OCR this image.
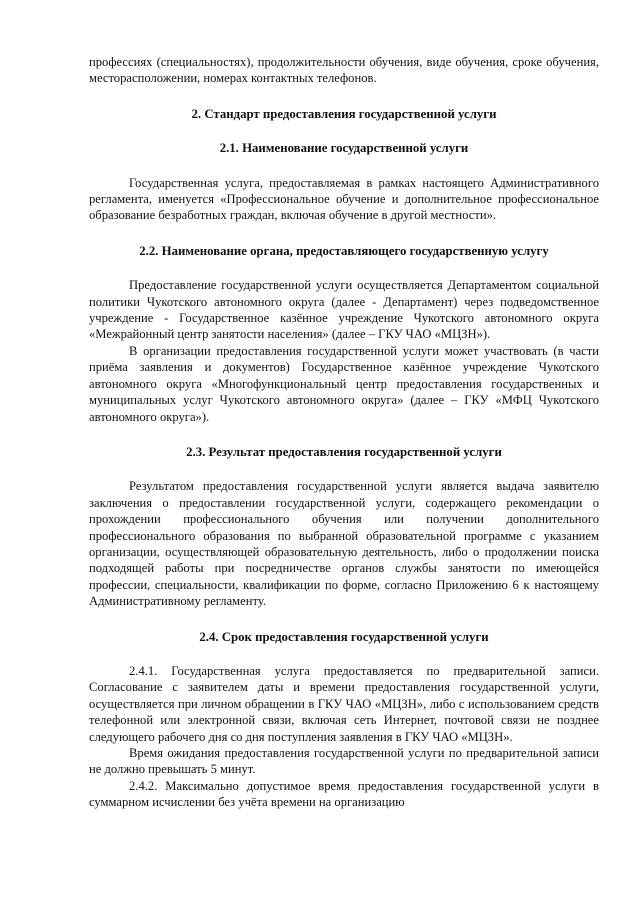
профессиях (специальностях), продолжительности обучения, виде обучения, сроке обучения, месторасположении, номерах контактных телефонов.

2. Стандарт предоставления государственной услуги
2.1. Наименование государственной услуги

Государственная услуга, предоставляемая в рамках настоящего Административного регламента, именуется «Профессиональное обучение и дополнительное профессиональное образование безработных граждан, включая обучение в другой местности».

2.2. Наименование органа, предоставляющего государственную услугу

Предоставление государственной услуги осуществляется Департаментом социальной политики Чукотского автономного округа (далее - Департамент) через подведомственное учреждение - Государственное казённое учреждение Чукотского автономного округа «Межрайонный центр занятости населения» (далее – ГКУ ЧАО «МЦЗН»).

В организации предоставления государственной услуги может участвовать (в части приёма заявления и документов) Государственное казённое учреждение Чукотского автономного округа «Многофункциональный центр предоставления государственных и муниципальных услуг Чукотского автономного округа» (далее – ГКУ «МФЦ Чукотского автономного округа»).

2.3. Результат предоставления государственной услуги

Результатом предоставления государственной услуги является выдача заявителю заключения о предоставлении государственной услуги, содержащего рекомендации о прохождении профессионального обучения или получении дополнительного профессионального образования по выбранной образовательной программе с указанием организации, осуществляющей образовательную деятельность, либо о продолжении поиска подходящей работы при посредничестве органов службы занятости по имеющейся профессии, специальности, квалификации по форме, согласно Приложению 6 к настоящему Административному регламенту.

2.4. Срок предоставления государственной услуги

2.4.1. Государственная услуга предоставляется по предварительной записи. Согласование с заявителем даты и времени предоставления государственной услуги, осуществляется при личном обращении в ГКУ ЧАО «МЦЗН», либо с использованием средств телефонной или электронной связи, включая сеть Интернет, почтовой связи не позднее следующего рабочего дня со дня поступления заявления в ГКУ ЧАО «МЦЗН».

Время ожидания предоставления государственной услуги по предварительной записи не должно превышать 5 минут.

2.4.2. Максимально допустимое время предоставления государственной услуги в суммарном исчислении без учёта времени на организацию
